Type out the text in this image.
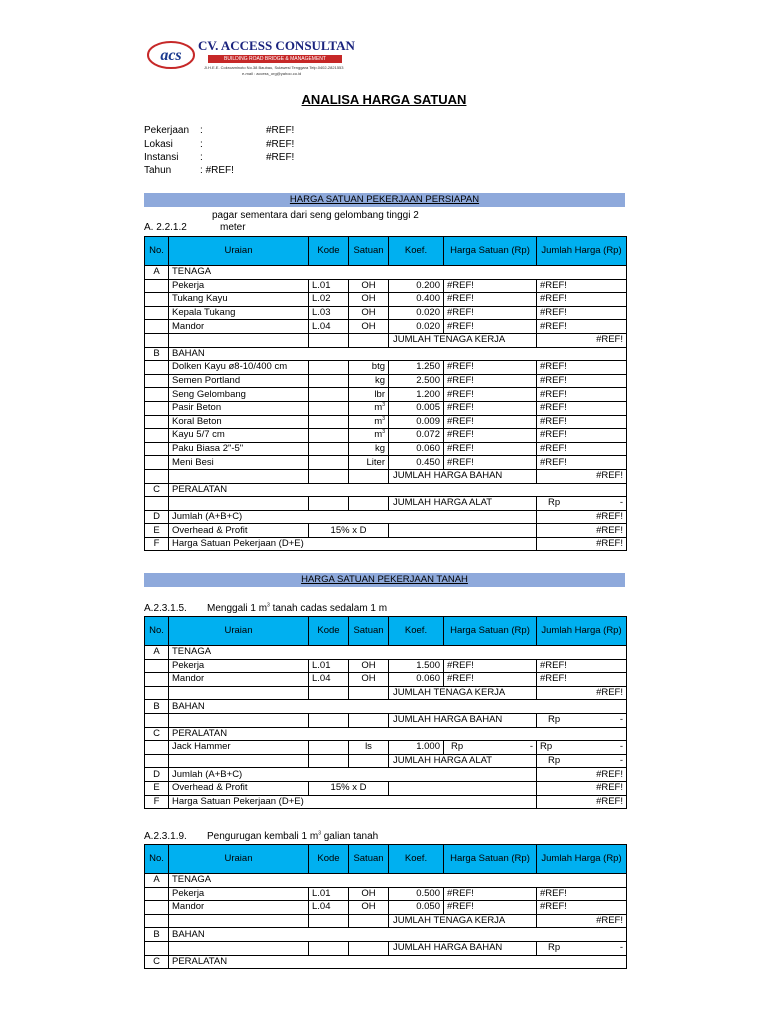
acs
CV. ACCESS CONSULTAN
BUILDING ROAD BRIDGE & MANAGEMENT
Jl.H.E.E. Cokroaminoto No.38 Baubau, Sulawesi Tenggara Telp.0402-2821553
e-mail : access_org@yahoo.co.id
ANALISA HARGA SATUAN
Pekerjaan :	#REF!
Lokasi	:	#REF!
Instansi :	#REF!
Tahun	: #REF!
HARGA SATUAN PEKERJAAN PERSIAPAN
pagar sementara dari seng gelombang tinggi 2
A. 2.2.1.2	meter
No.	Uraian	Kode	Satuan	Koef.	Harga Satuan (Rp)	Jumlah Harga (Rp)
A	TENAGA					
	Pekerja	L.01	OH	0.200	#REF!	#REF!
	Tukang Kayu	L.02	OH	0.400	#REF!	#REF!
	Kepala Tukang	L.03	OH	0.020	#REF!	#REF!
	Mandor	L.04	OH	0.020	#REF!	#REF!
				JUMLAH TENAGA KERJA		#REF!
B	BAHAN					
	Dolken Kayu ø8-10/400 cm		btg	1.250	#REF!	#REF!
	Semen Portland		kg	2.500	#REF!	#REF!
	Seng Gelombang		lbr	1.200	#REF!	#REF!
	Pasir Beton		$m^3$	0.005	#REF!	#REF!
	Koral Beton		$m^3$	0.009	#REF!	#REF!
	Kayu 5/7 cm		$m^3$	0.072	#REF!	#REF!
	Paku Biasa 2"-5"		kg	0.060	#REF!	#REF!
	Meni Besi		Liter	0.450	#REF!	#REF!
				JUMLAH HARGA BAHAN		#REF!
C	PERALATAN					
				JUMLAH HARGA ALAT		Rp -

D	Jumlah (A+B+C)					#REF!
E	Overhead & Profit	15% x D				#REF!
F	Harga Satuan Pekerjaan (D+E)					#REF!
HARGA SATUAN PEKERJAAN TANAH
A.2.3.1.5. Menggali 1 $m^3$ tanah cadas sedalam 1 m
No.	Uraian	Kode	Satuan	Koef.	Harga Satuan (Rp)	Jumlah Harga (Rp)
A	TENAGA					
	Pekerja	L.01	OH	1.500	#REF!	#REF!
	Mandor	L.04	OH	0.060	#REF!	#REF!
				JUMLAH TENAGA KERJA		#REF!
B	BAHAN					
				JUMLAH HARGA BAHAN		Rp -

C	PERALATAN					
	Jack Hammer		ls	1.000	Rp -	Rp -

				JUMLAH HARGA ALAT		Rp -

D	Jumlah (A+B+C)					#REF!
E	Overhead & Profit	15% x D				#REF!
F	Harga Satuan Pekerjaan (D+E)					#REF!
A.2.3.1.9. Pengurugan kembali 1 $m^3$ galian tanah
No.	Uraian	Kode	Satuan	Koef.	Harga Satuan (Rp)	Jumlah Harga (Rp)
A	TENAGA					
	Pekerja	L.01	OH	0.500	#REF!	#REF!
	Mandor	L.04	OH	0.050	#REF!	#REF!
				JUMLAH TENAGA KERJA		#REF!
B	BAHAN					
				JUMLAH HARGA BAHAN		Rp -

C	PERALATAN					
